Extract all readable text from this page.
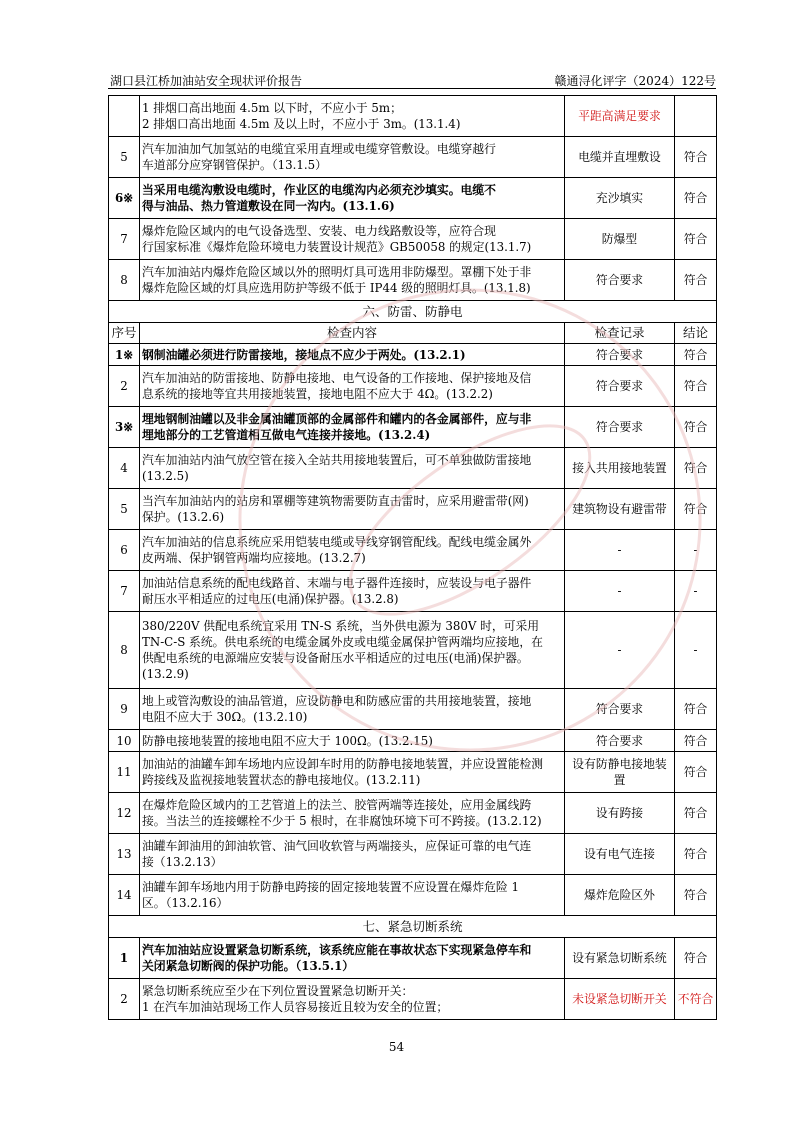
湖口县江桥加油站安全现状评价报告	赣通浔化评字（2024）122号

	1 排烟口高出地面 4.5m 以下时，不应小于 5m；
2 排烟口高出地面 4.5m 及以上时，不应小于 3m。(13.1.4)	平距高满足要求	
5	汽车加油加气加氢站的电缆宜采用直埋或电缆穿管敷设。电缆穿越行
车道部分应穿钢管保护。（13.1.5）	电缆并直埋敷设	符合
6※	当采用电缆沟敷设电缆时，作业区的电缆沟内必须充沙填实。电缆不
得与油品、热力管道敷设在同一沟内。(13.1.6)	充沙填实	符合
7	爆炸危险区域内的电气设备选型、安装、电力线路敷设等，应符合现
行国家标准《爆炸危险环境电力装置设计规范》GB50058 的规定(13.1.7)	防爆型	符合
8	汽车加油站内爆炸危险区域以外的照明灯具可选用非防爆型。罩棚下处于非
爆炸危险区域的灯具应选用防护等级不低于 IP44 级的照明灯具。(13.1.8)	符合要求	符合
六、防雷、防静电			
序号	检查内容	检查记录	结论
1※	钢制油罐必须进行防雷接地，接地点不应少于两处。(13.2.1)	符合要求	符合
2	汽车加油站的防雷接地、防静电接地、电气设备的工作接地、保护接地及信
息系统的接地等宜共用接地装置，接地电阻不应大于 4Ω。(13.2.2)	符合要求	符合
3※	埋地钢制油罐以及非金属油罐顶部的金属部件和罐内的各金属部件，应与非
埋地部分的工艺管道相互做电气连接并接地。(13.2.4)	符合要求	符合
4	汽车加油站内油气放空管在接入全站共用接地装置后，可不单独做防雷接地
(13.2.5)	接入共用接地装置	符合
5	当汽车加油站内的站房和罩棚等建筑物需要防直击雷时，应采用避雷带(网)
保护。(13.2.6)	建筑物设有避雷带	符合
6	汽车加油站的信息系统应采用铠装电缆或导线穿钢管配线。配线电缆金属外
皮两端、保护钢管两端均应接地。(13.2.7)	-	-
7	加油站信息系统的配电线路首、末端与电子器件连接时，应装设与电子器件
耐压水平相适应的过电压(电涌)保护器。(13.2.8)	-	-
8	380/220V 供配电系统宜采用 TN-S 系统，当外供电源为 380V 时，可采用
TN-C-S 系统。供电系统的电缆金属外皮或电缆金属保护管两端均应接地，在
供配电系统的电源端应安装与设备耐压水平相适应的过电压(电涌)保护器。
(13.2.9)	-	-
9	地上或管沟敷设的油品管道，应设防静电和防感应雷的共用接地装置，接地
电阻不应大于 30Ω。(13.2.10)	符合要求	符合
10	防静电接地装置的接地电阻不应大于 100Ω。(13.2.15)	符合要求	符合
11	加油站的油罐车卸车场地内应设卸车时用的防静电接地装置，并应设置能检测
跨接线及监视接地装置状态的静电接地仪。(13.2.11)	设有防静电接地装置	符合
12	在爆炸危险区域内的工艺管道上的法兰、胶管两端等连接处，应用金属线跨
接。当法兰的连接螺栓不少于 5 根时，在非腐蚀环境下可不跨接。(13.2.12)	设有跨接	符合
13	油罐车卸油用的卸油软管、油气回收软管与两端接头，应保证可靠的电气连
接（13.2.13）	设有电气连接	符合
14	油罐车卸车场地内用于防静电跨接的固定接地装置不应设置在爆炸危险 1
区。（13.2.16）	爆炸危险区外	符合
七、紧急切断系统			
1	汽车加油站应设置紧急切断系统，该系统应能在事故状态下实现紧急停车和
关闭紧急切断阀的保护功能。（13.5.1）	设有紧急切断系统	符合
2	紧急切断系统应至少在下列位置设置紧急切断开关：
1 在汽车加油站现场工作人员容易接近且较为安全的位置；	未设紧急切断开关	不符合
54
